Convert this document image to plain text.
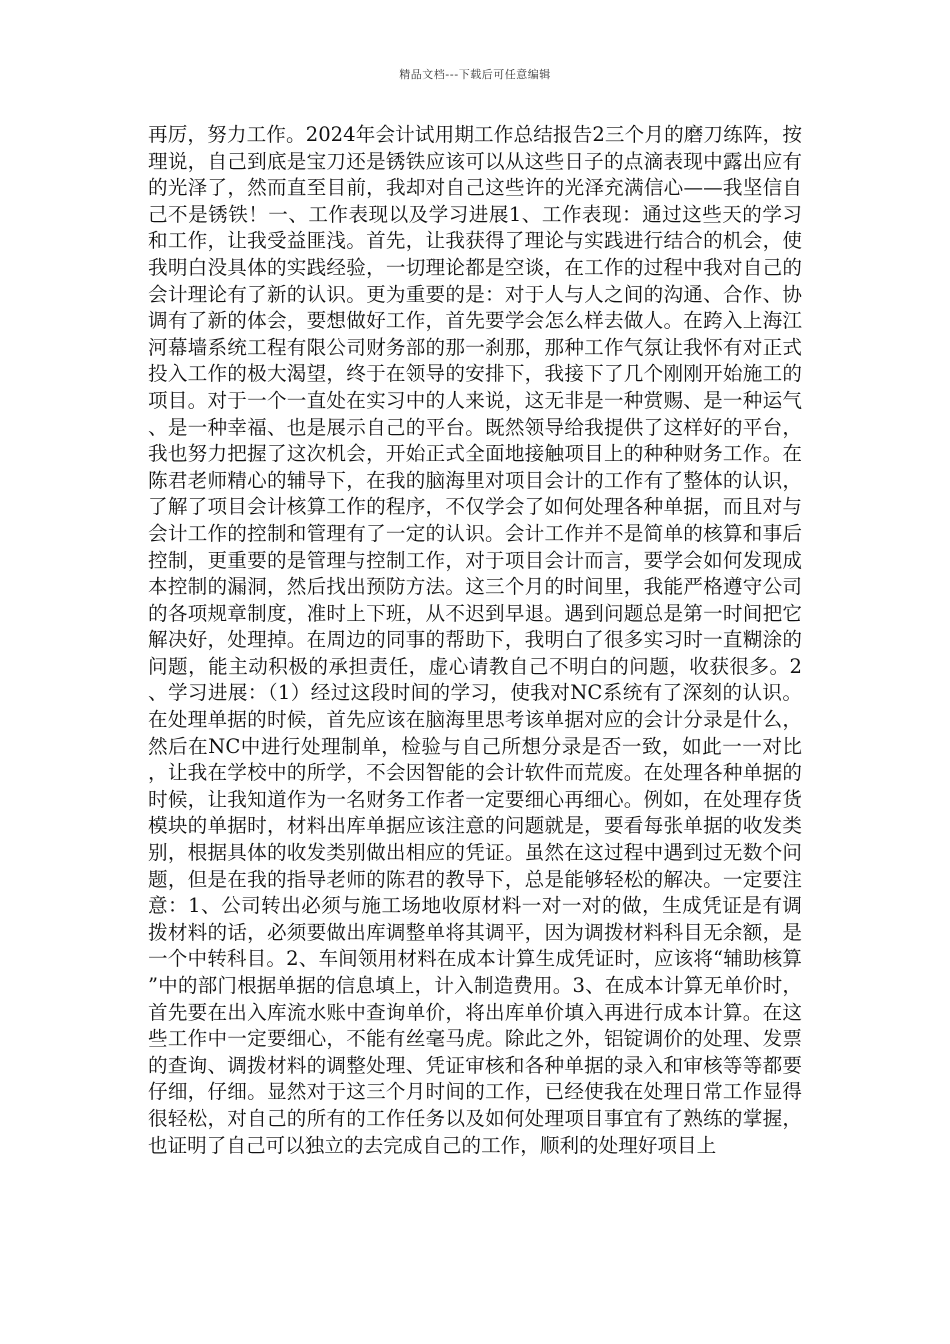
精品文档---下载后可任意编辑

再厉，努力工作。2024年会计试用期工作总结报告2三个月的磨刀练阵，按理说，自己到底是宝刀还是锈铁应该可以从这些日子的点滴表现中露出应有的光泽了，然而直至目前，我却对自己这些许的光泽充满信心——我坚信自己不是锈铁！一、工作表现以及学习进展1、工作表现：通过这些天的学习和工作，让我受益匪浅。首先，让我获得了理论与实践进行结合的机会，使我明白没具体的实践经验，一切理论都是空谈，在工作的过程中我对自己的会计理论有了新的认识。更为重要的是：对于人与人之间的沟通、合作、协调有了新的体会，要想做好工作，首先要学会怎么样去做人。在跨入上海江河幕墙系统工程有限公司财务部的那一刹那，那种工作气氛让我怀有对正式投入工作的极大渴望，终于在领导的安排下，我接下了几个刚刚开始施工的项目。对于一个一直处在实习中的人来说，这无非是一种赏赐、是一种运气、是一种幸福、也是展示自己的平台。既然领导给我提供了这样好的平台，我也努力把握了这次机会，开始正式全面地接触项目上的种种财务工作。在陈君老师精心的辅导下，在我的脑海里对项目会计的工作有了整体的认识，了解了项目会计核算工作的程序，不仅学会了如何处理各种单据，而且对与会计工作的控制和管理有了一定的认识。会计工作并不是简单的核算和事后控制，更重要的是管理与控制工作，对于项目会计而言，要学会如何发现成本控制的漏洞，然后找出预防方法。这三个月的时间里，我能严格遵守公司的各项规章制度，准时上下班，从不迟到早退。遇到问题总是第一时间把它解决好，处理掉。在周边的同事的帮助下，我明白了很多实习时一直糊涂的问题，能主动积极的承担责任，虚心请教自己不明白的问题，收获很多。2、学习进展：（1）经过这段时间的学习，使我对NC系统有了深刻的认识。在处理单据的时候，首先应该在脑海里思考该单据对应的会计分录是什么，然后在NC中进行处理制单，检验与自己所想分录是否一致，如此一一对比，让我在学校中的所学，不会因智能的会计软件而荒废。在处理各种单据的时候，让我知道作为一名财务工作者一定要细心再细心。例如，在处理存货模块的单据时，材料出库单据应该注意的问题就是，要看每张单据的收发类别，根据具体的收发类别做出相应的凭证。虽然在这过程中遇到过无数个问题，但是在我的指导老师的陈君的教导下，总是能够轻松的解决。一定要注意：1、公司转出必须与施工场地收原材料一对一对的做，生成凭证是有调拨材料的话，必须要做出库调整单将其调平，因为调拨材料科目无余额，是一个中转科目。2、车间领用材料在成本计算生成凭证时，应该将“辅助核算”中的部门根据单据的信息填上，计入制造费用。3、在成本计算无单价时，首先要在出入库流水账中查询单价，将出库单价填入再进行成本计算。在这些工作中一定要细心，不能有丝毫马虎。除此之外，铝锭调价的处理、发票的查询、调拨材料的调整处理、凭证审核和各种单据的录入和审核等等都要仔细，仔细。显然对于这三个月时间的工作，已经使我在处理日常工作显得很轻松，对自己的所有的工作任务以及如何处理项目事宜有了熟练的掌握，也证明了自己可以独立的去完成自己的工作，顺利的处理好项目上
